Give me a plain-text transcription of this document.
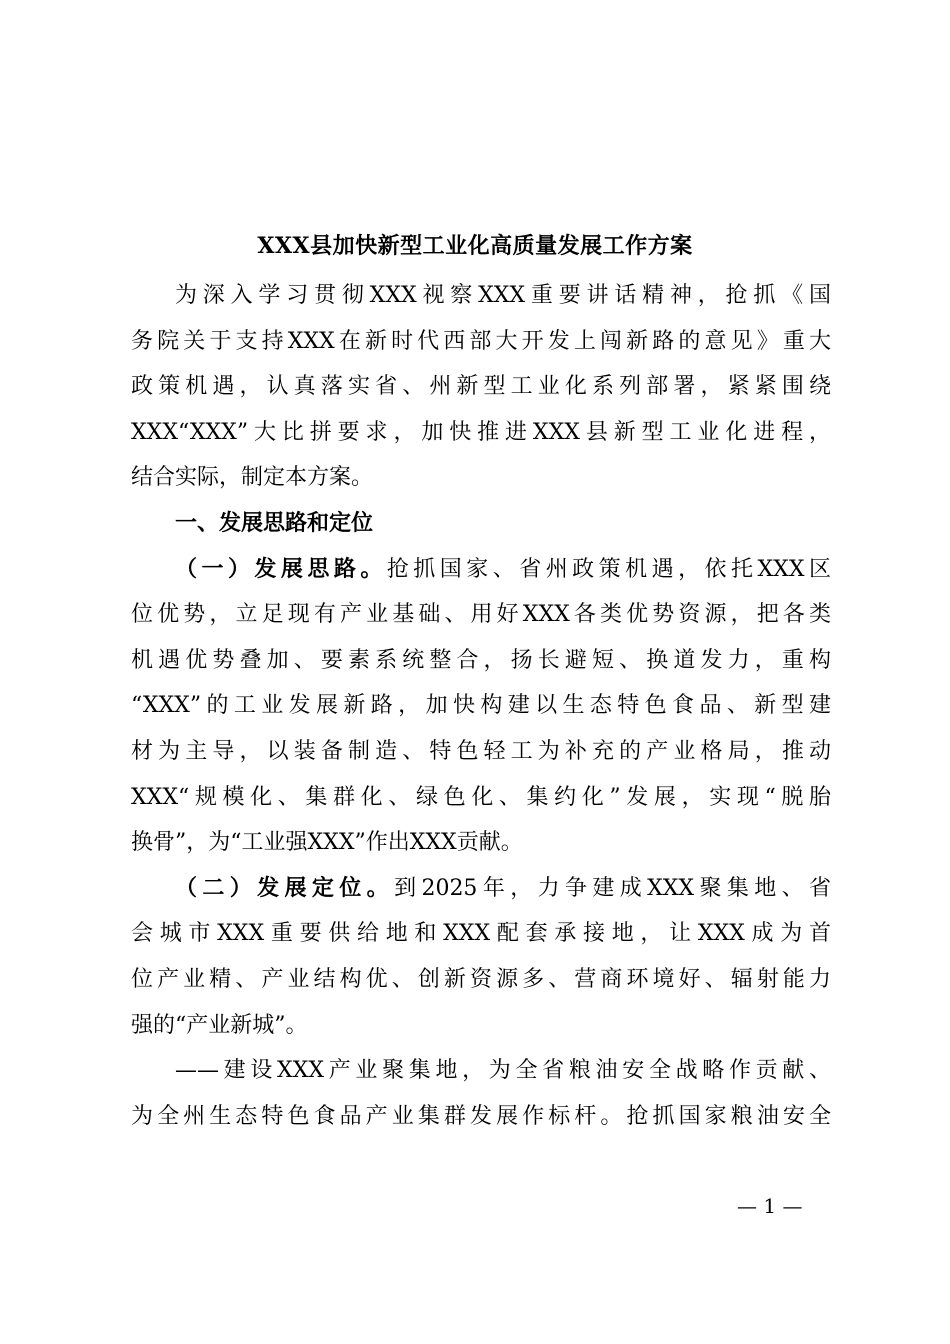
XXX县加快新型工业化高质量发展工作方案
为深入学习贯彻XXX视察XXX重要讲话精神，抢抓《国
务院关于支持XXX在新时代西部大开发上闯新路的意见》重大
政策机遇，认真落实省、州新型工业化系列部署，紧紧围绕
XXX“XXX”大比拼要求，加快推进XXX县新型工业化进程，
结合实际，制定本方案。
一、发展思路和定位
（一）发展思路。抢抓国家、省州政策机遇，依托XXX区
位优势，立足现有产业基础、用好XXX各类优势资源，把各类
机遇优势叠加、要素系统整合，扬长避短、换道发力，重构
“XXX”的工业发展新路，加快构建以生态特色食品、新型建
材为主导，以装备制造、特色轻工为补充的产业格局，推动
XXX“规模化、集群化、绿色化、集约化”发展，实现“脱胎
换骨”，为“工业强XXX”作出XXX贡献。
（二）发展定位。到2025年，力争建成XXX聚集地、省
会城市XXX重要供给地和XXX配套承接地，让XXX成为首
位产业精、产业结构优、创新资源多、营商环境好、辐射能力
强的“产业新城”。
——建设XXX产业聚集地，为全省粮油安全战略作贡献、
为全州生态特色食品产业集群发展作标杆。抢抓国家粮油安全
— 1 —
